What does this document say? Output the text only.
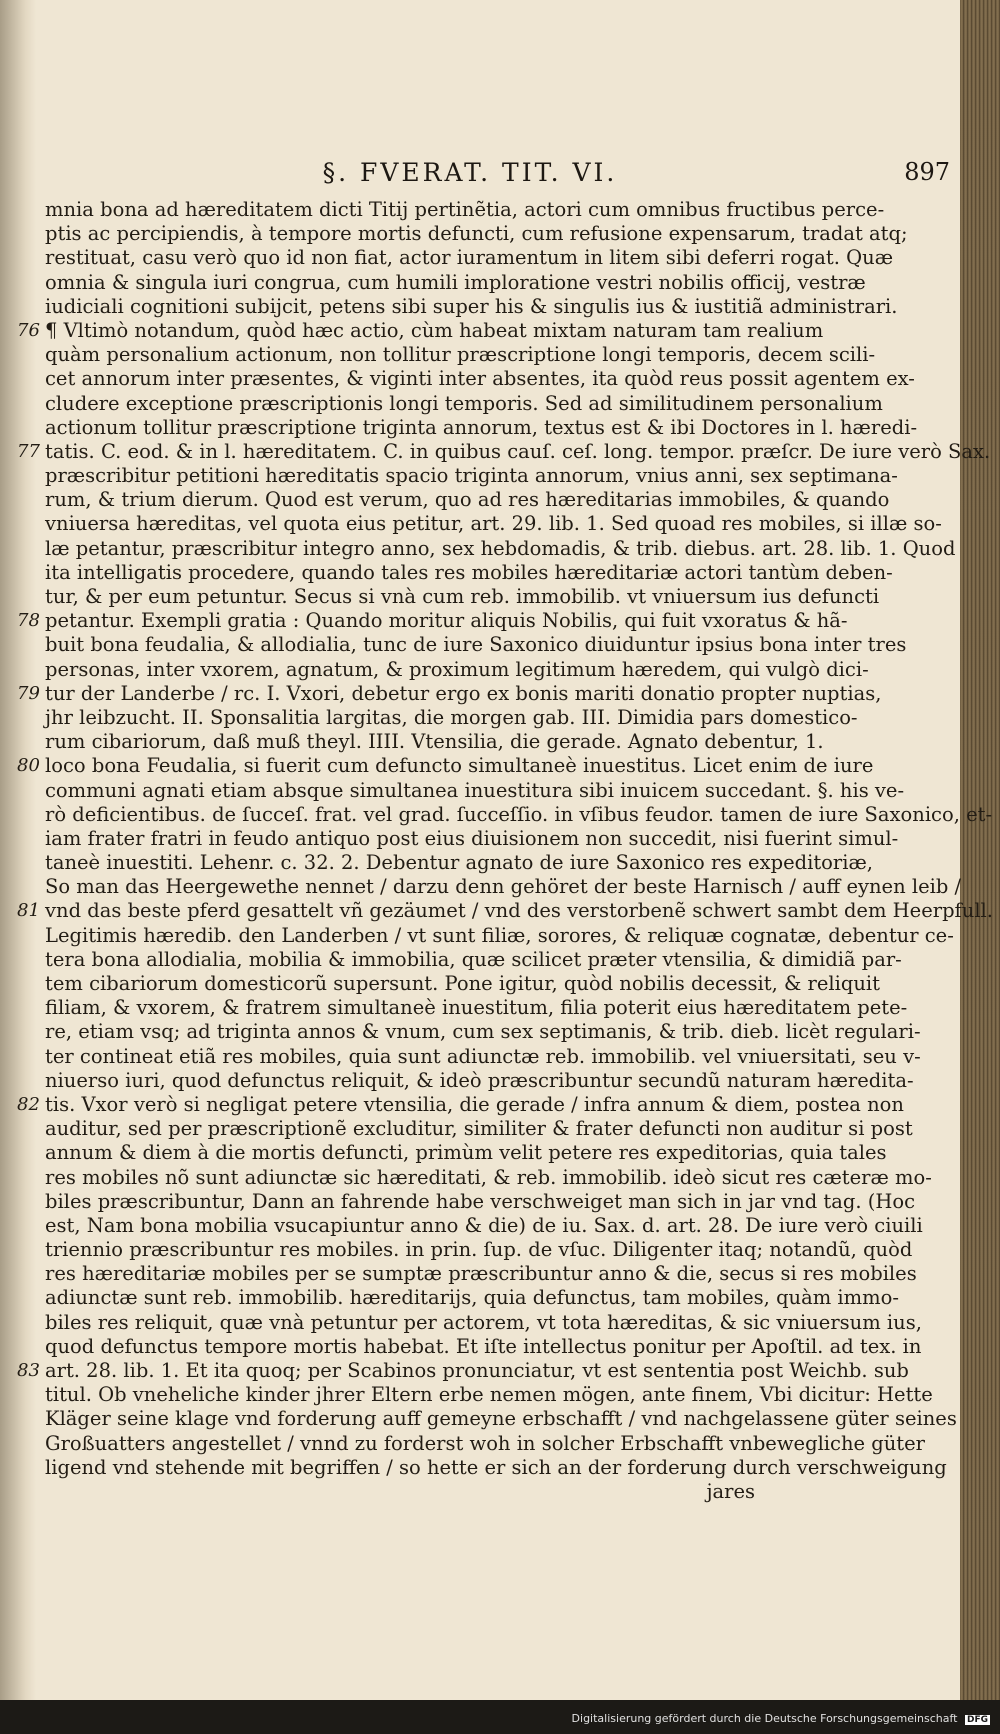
§. FVERAT. TIT. VI.	897
mnia bona ad hæreditatem dicti Titij pertinẽtia, actori cum omnibus fructibus perce-
ptis ac percipiendis, à tempore mortis defuncti, cum refusione expensarum, tradat atq;
restituat, casu verò quo id non fiat, actor iuramentum in litem sibi deferri rogat. Quæ
omnia & singula iuri congrua, cum humili imploratione vestri nobilis officij, vestræ
iudiciali cognitioni subijcit, petens sibi super his & singulis ius & iustitiã administrari.
76 ¶ Vltimò notandum, quòd hæc actio, cùm habeat mixtam naturam tam realium
quàm personalium actionum, non tollitur præscriptione longi temporis, decem scili-
cet annorum inter præsentes, & viginti inter absentes, ita quòd reus possit agentem ex-
cludere exceptione præscriptionis longi temporis. Sed ad similitudinem personalium
actionum tollitur præscriptione triginta annorum, textus est & ibi Doctores in l. hæredi-
77 tatis. C. eod. & in l. hæreditatem. C. in quibus cauſ. ceſ. long. tempor. præſcr. De iure verò Sax.
præscribitur petitioni hæreditatis spacio triginta annorum, vnius anni, sex septimana-
rum, & trium dierum. Quod est verum, quo ad res hæreditarias immobiles, & quando
vniuersa hæreditas, vel quota eius petitur, art. 29. lib. 1. Sed quoad res mobiles, si illæ so-
læ petantur, præscribitur integro anno, sex hebdomadis, & trib. diebus. art. 28. lib. 1. Quod
ita intelligatis procedere, quando tales res mobiles hæreditariæ actori tantùm deben-
tur, & per eum petuntur. Secus si vnà cum reb. immobilib. vt vniuersum ius defuncti
78 petantur. Exempli gratia : Quando moritur aliquis Nobilis, qui fuit vxoratus & hã-
buit bona feudalia, & allodialia, tunc de iure Saxonico diuiduntur ipsius bona inter tres
personas, inter vxorem, agnatum, & proximum legitimum hæredem, qui vulgò dici-
79 tur der Landerbe / rc. I. Vxori, debetur ergo ex bonis mariti donatio propter nuptias,
jhr leibzucht. II. Sponsalitia largitas, die morgen gab. III. Dimidia pars domestico-
rum cibariorum, daß muß theyl. IIII. Vtensilia, die gerade. Agnato debentur, 1.
80 loco bona Feudalia, si fuerit cum defuncto simultaneè inuestitus. Licet enim de iure
communi agnati etiam absque simultanea inuestitura sibi inuicem succedant. §. his ve-
rò deficientibus. de ſucceſ. frat. vel grad. ſucceſſio. in vſibus feudor. tamen de iure Saxonico, et-
iam frater fratri in feudo antiquo post eius diuisionem non succedit, nisi fuerint simul-
taneè inuestiti. Lehenr. c. 32. 2. Debentur agnato de iure Saxonico res expeditoriæ,
So man das Heergewethe nennet / darzu denn gehöret der beste Harnisch / auff eynen leib /
81 vnd das beste pferd gesattelt vñ gezäumet / vnd des verstorbenẽ schwert sambt dem Heerpfull.
Legitimis hæredib. den Landerben / vt sunt filiæ, sorores, & reliquæ cognatæ, debentur ce-
tera bona allodialia, mobilia & immobilia, quæ scilicet præter vtensilia, & dimidiã par-
tem cibariorum domesticorũ supersunt. Pone igitur, quòd nobilis decessit, & reliquit
filiam, & vxorem, & fratrem simultaneè inuestitum, filia poterit eius hæreditatem pete-
re, etiam vsq; ad triginta annos & vnum, cum sex septimanis, & trib. dieb. licèt regulari-
ter contineat etiã res mobiles, quia sunt adiunctæ reb. immobilib. vel vniuersitati, seu v-
niuerso iuri, quod defunctus reliquit, & ideò præscribuntur secundũ naturam hæredita-
82 tis. Vxor verò si negligat petere vtensilia, die gerade / infra annum & diem, postea non
auditur, sed per præscriptionẽ excluditur, similiter & frater defuncti non auditur si post
annum & diem à die mortis defuncti, primùm velit petere res expeditorias, quia tales
res mobiles nõ sunt adiunctæ sic hæreditati, & reb. immobilib. ideò sicut res cæteræ mo-
biles præscribuntur, Dann an fahrende habe verschweiget man sich in jar vnd tag. (Hoc
est, Nam bona mobilia vsucapiuntur anno & die) de iu. Sax. d. art. 28. De iure verò ciuili
triennio præscribuntur res mobiles. in prin. ſup. de vſuc. Diligenter itaq; notandũ, quòd
res hæreditariæ mobiles per se sumptæ præscribuntur anno & die, secus si res mobiles
adiunctæ sunt reb. immobilib. hæreditarijs, quia defunctus, tam mobiles, quàm immo-
biles res reliquit, quæ vnà petuntur per actorem, vt tota hæreditas, & sic vniuersum ius,
quod defunctus tempore mortis habebat. Et iſte intellectus ponitur per Apoſtil. ad tex. in
83 art. 28. lib. 1. Et ita quoq; per Scabinos pronunciatur, vt est sententia post Weichb. sub
titul. Ob vneheliche kinder jhrer Eltern erbe nemen mögen, ante finem, Vbi dicitur: Hette
Kläger seine klage vnd forderung auff gemeyne erbschafft / vnd nachgelassene güter seines
Großuatters angestellet / vnnd zu forderst woh in solcher Erbschafft vnbewegliche güter
ligend vnd stehende mit begriffen / so hette er sich an der forderung durch verschweigung
jares
Digitalisierung gefördert durch die Deutsche Forschungsgemeinschaft DFG
